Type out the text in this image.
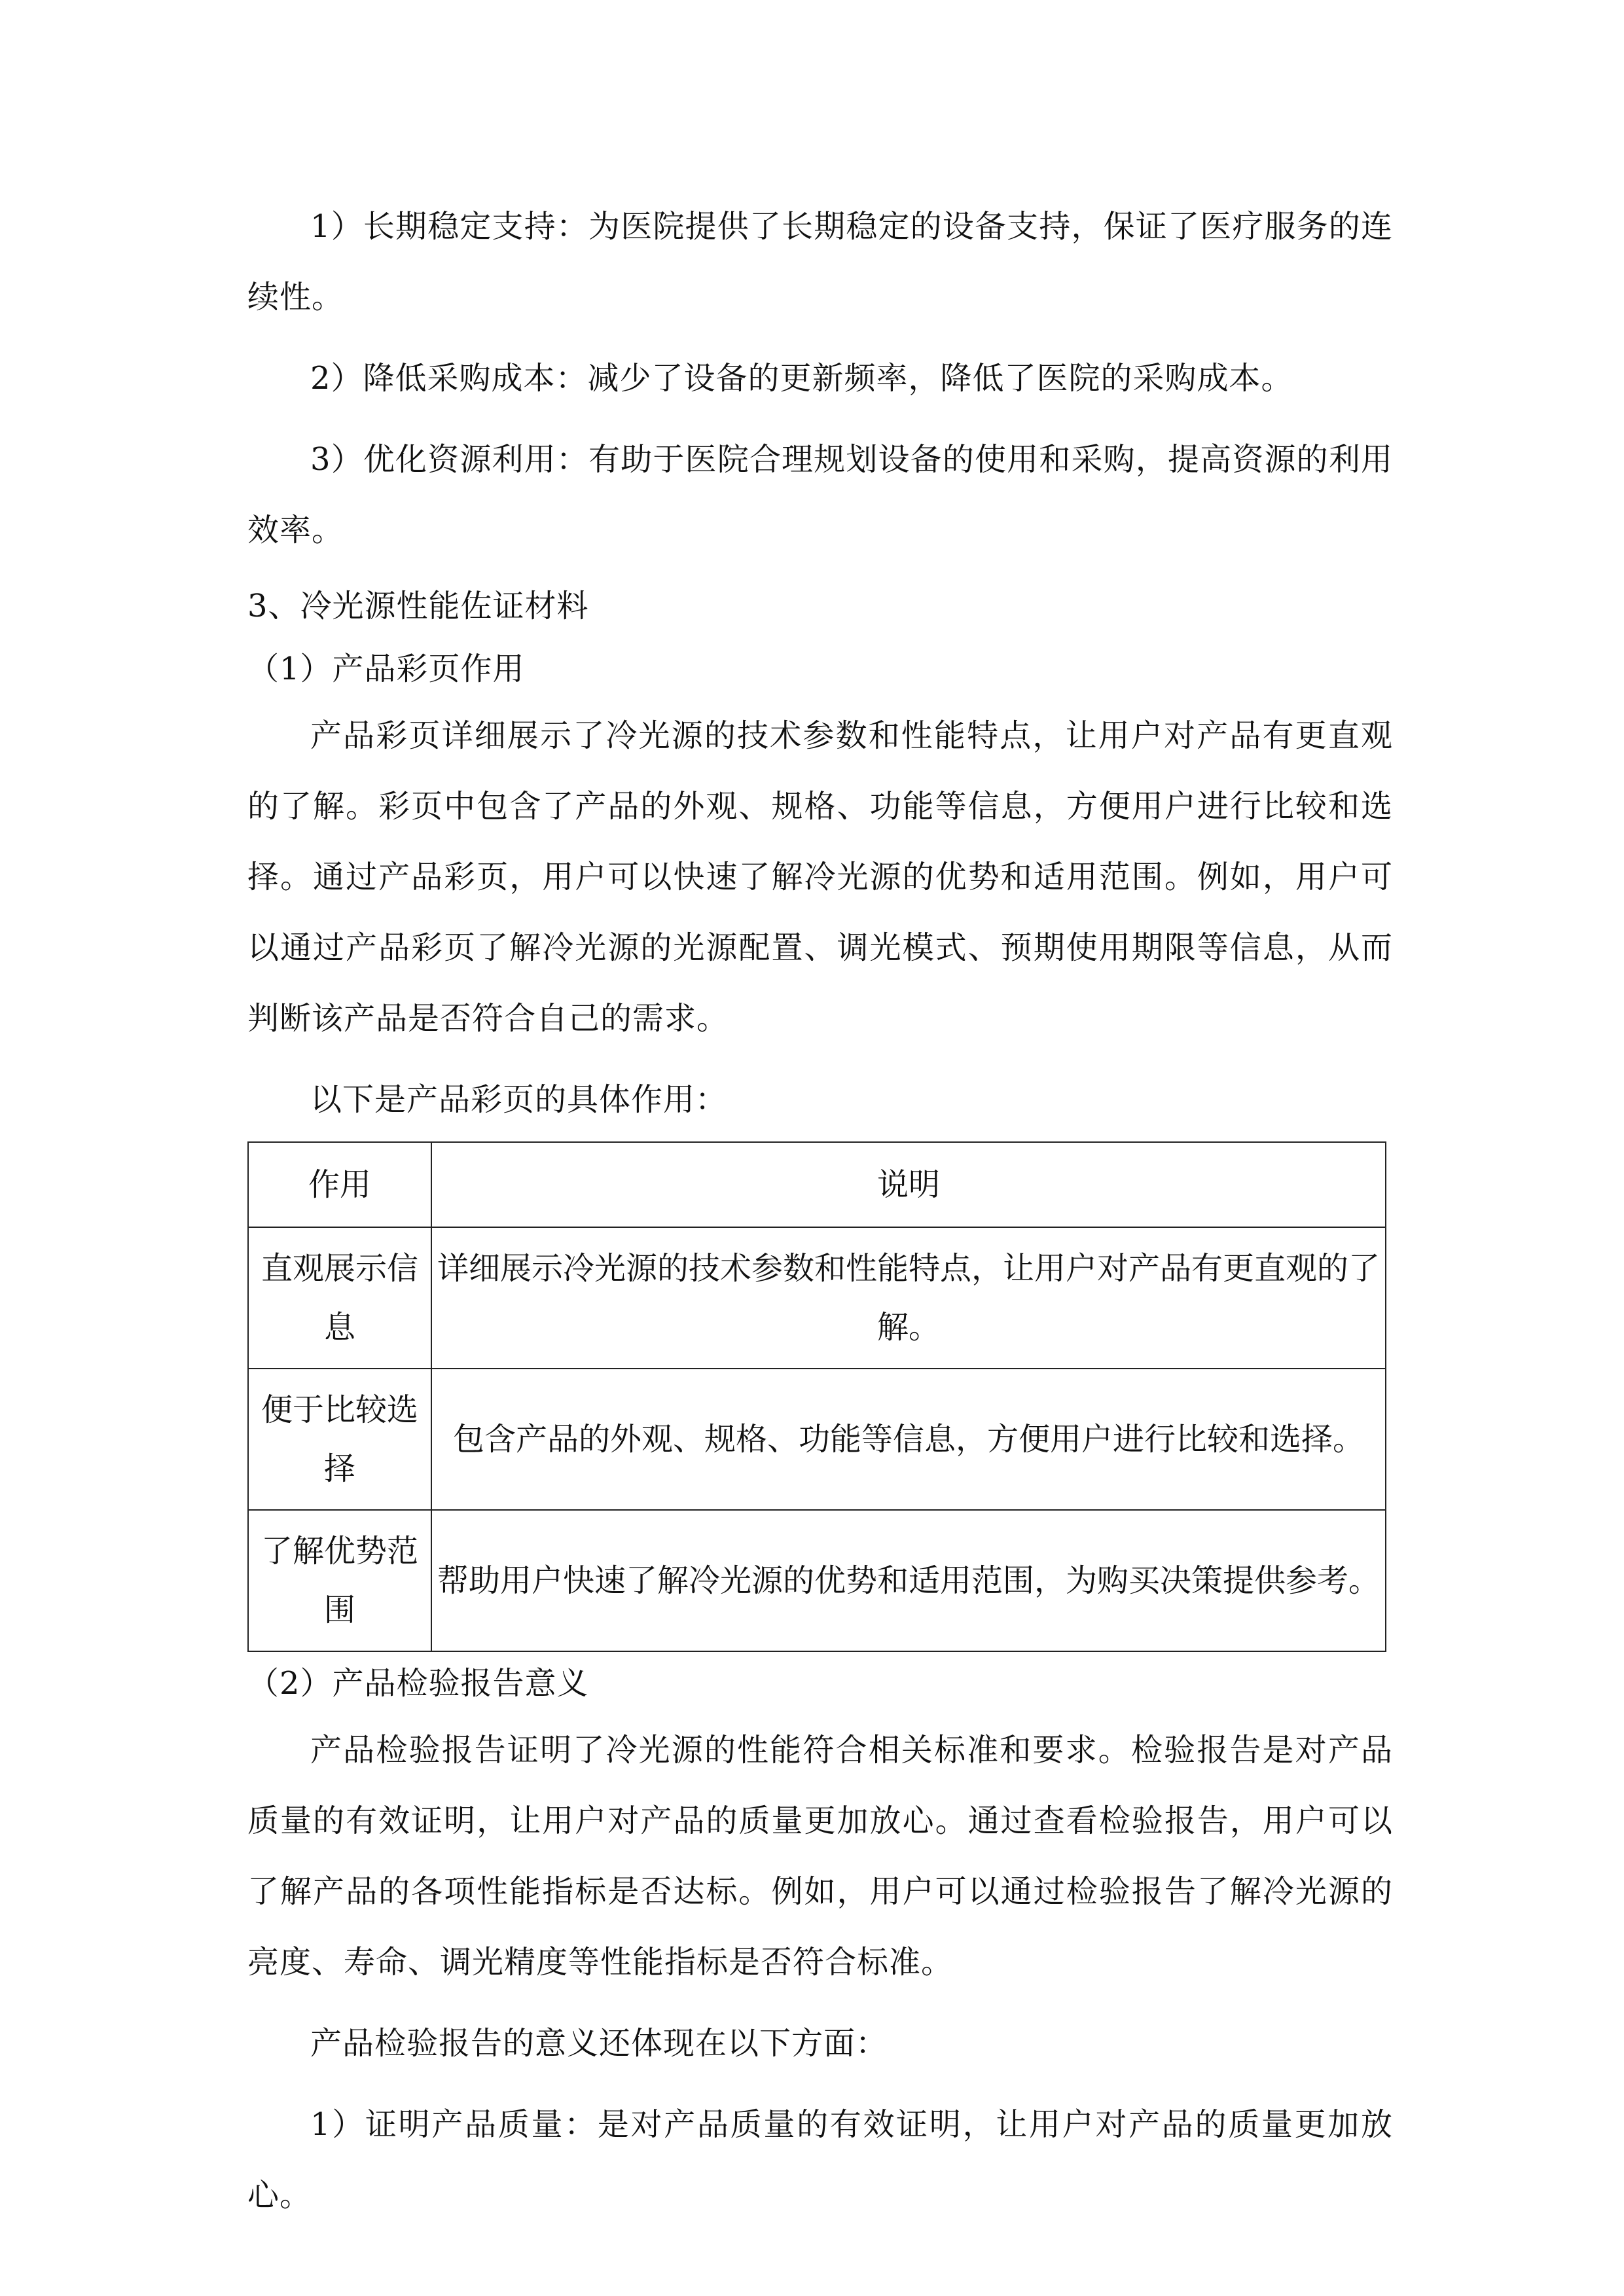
1）长期稳定支持：为医院提供了长期稳定的设备支持，保证了医疗服务的连续性。

2）降低采购成本：减少了设备的更新频率，降低了医院的采购成本。

3）优化资源利用：有助于医院合理规划设备的使用和采购，提高资源的利用效率。

3、冷光源性能佐证材料

（1）产品彩页作用

产品彩页详细展示了冷光源的技术参数和性能特点，让用户对产品有更直观的了解。彩页中包含了产品的外观、规格、功能等信息，方便用户进行比较和选择。通过产品彩页，用户可以快速了解冷光源的优势和适用范围。例如，用户可以通过产品彩页了解冷光源的光源配置、调光模式、预期使用期限等信息，从而判断该产品是否符合自己的需求。

以下是产品彩页的具体作用：

作用	说明
直观展示信息	详细展示冷光源的技术参数和性能特点，让用户对产品有更直观的了解。
便于比较选择	包含产品的外观、规格、功能等信息，方便用户进行比较和选择。
了解优势范围	帮助用户快速了解冷光源的优势和适用范围，为购买决策提供参考。

（2）产品检验报告意义

产品检验报告证明了冷光源的性能符合相关标准和要求。检验报告是对产品质量的有效证明，让用户对产品的质量更加放心。通过查看检验报告，用户可以了解产品的各项性能指标是否达标。例如，用户可以通过检验报告了解冷光源的亮度、寿命、调光精度等性能指标是否符合标准。

产品检验报告的意义还体现在以下方面：

1）证明产品质量：是对产品质量的有效证明，让用户对产品的质量更加放心。
